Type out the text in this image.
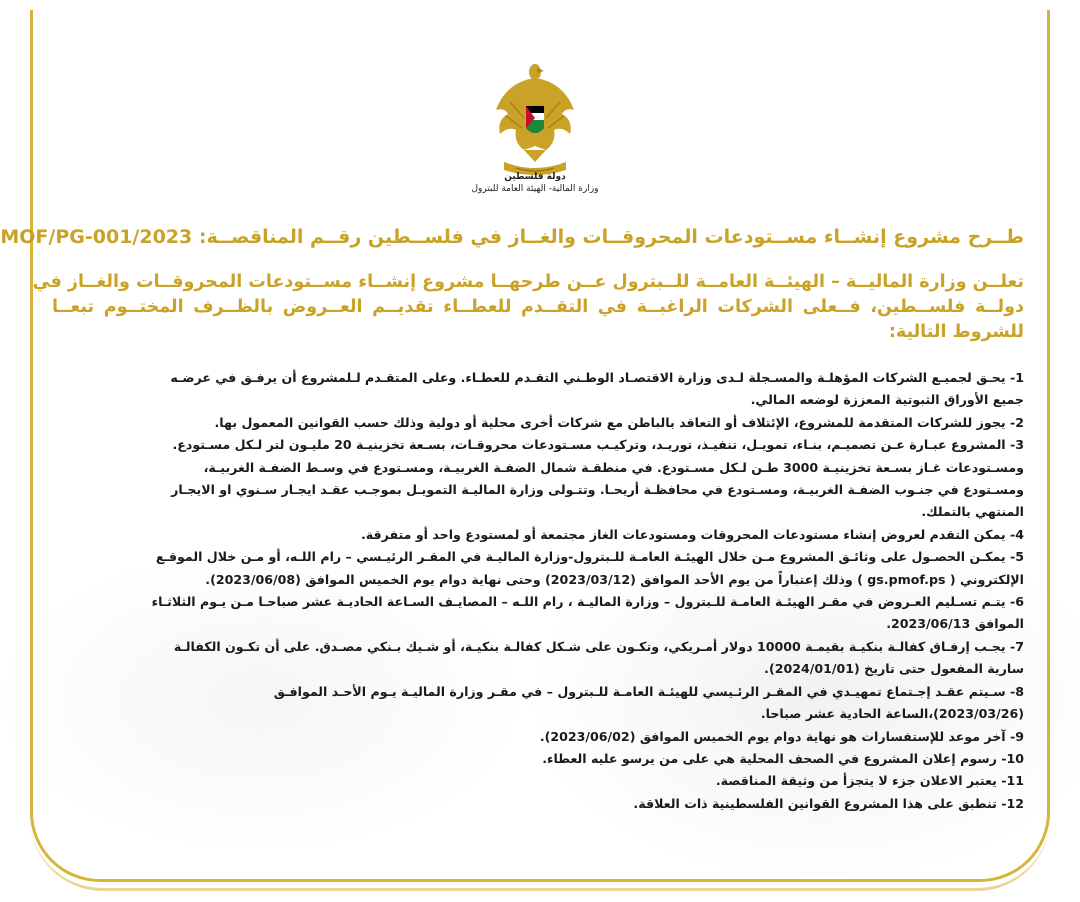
دولة فلسطين
وزارة المالية- الهيئة العامة للبترول
طــرح مشروع إنشــاء مســتودعات المحروقــات والغــاز في فلســطين رقــم المناقصــة: MOF/PG-001/2023
تعلــن وزارة الماليــة – الهيئــة العامــة للــبترول عــن طرحهــا مشروع إنشــاء مســتودعات المحروقــات والغــاز في
دولــة فلســطين، فــعلى الشركات الراغبــة في التقــدم للعطــاء تقديــم العــروض بالظــرف المختــوم تبعــا
للشروط التالية:
1- يحـق لجميـع الشركات المؤهلـة والمسـجلة لـدى وزارة الاقتصـاد الوطـني التقـدم للعطـاء. وعلى المتقـدم لـلمشروع أن يرفـق في عرضـه
جميع الأوراق الثبوتية المعززة لوضعه المالي.
2- يجوز للشركات المتقدمة للمشروع، الإئتلاف أو التعاقد بالباطن مع شركات أخرى محلية أو دولية وذلك حسب القوانين المعمول بها.
3- المشروع عبـارة عـن تصميـم، بنـاء، تمويـل، تنفيـذ، توريـد، وتركيـب مسـتودعات محروقـات، بسـعة تخزينيـة 20 مليـون لتر لـكل مسـتودع.
ومسـتودعات غـاز بسـعة تخزينيـة 3000 طـن لـكل مسـتودع. في منطقـة شمال الضفـة الغربيـة، ومسـتودع في وسـط الضفـة الغربيـة،
ومسـتودع في جنـوب الضفـة الغربيـة، ومسـتودع في محافظـة أريحـا. وتتـولى وزارة الماليـة التمويـل بموجـب عقـد ايجـار سـنوي او الايجـار
المنتهي بالتملك.
4- يمكن التقدم لعروض إنشاء مستودعات المحروقات ومستودعات الغاز مجتمعة أو لمستودع واحد أو متفرقة.
5- يمكـن الحصـول على وثائـق المشروع مـن خلال الهيئـة العامـة للـبترول-وزارة الماليـة في المقـر الرئيـسي – رام اللـه، أو مـن خلال الموقـع
الإلكتروني ( gs.pmof.ps ) وذلك إعتباراً من يوم الأحد الموافق (2023/03/12) وحتى نهاية دوام يوم الخميس الموافق (2023/06/08).
6- يتـم تسـليم العـروض في مقـر الهيئـة العامـة للـبترول – وزارة الماليـة ، رام اللـه – المصايـف السـاعة الحاديـة عشر صباحـا مـن يـوم الثلاثـاء
الموافق 2023/06/13.
7- يجـب إرفـاق كفالـة بنكيـة بقيمـة 10000 دولار أمـريكي، وتكـون على شـكل كفالـة بنكيـة، أو شـيك بـنكي مصـدق. على أن تكـون الكفالـة
سارية المفعول حتى تاريخ (2024/01/01).
8- سـيتم عقـد إجـتماع تمهيـدي في المقـر الرئـيسي للهيئـة العامـة للـبترول – في مقـر وزارة الماليـة يـوم الأحـد الموافـق
(2023/03/26)،الساعة الحادية عشر صباحا.
9- آخر موعد للإستفسارات هو نهاية دوام يوم الخميس الموافق (2023/06/02).
10- رسوم إعلان المشروع في الصحف المحلية هي على من يرسو عليه العطاء.
11- يعتبر الاعلان جزء لا يتجزأ من وثيقة المناقصة.
12- تنطبق على هذا المشروع القوانين الفلسطينية ذات العلاقة.
